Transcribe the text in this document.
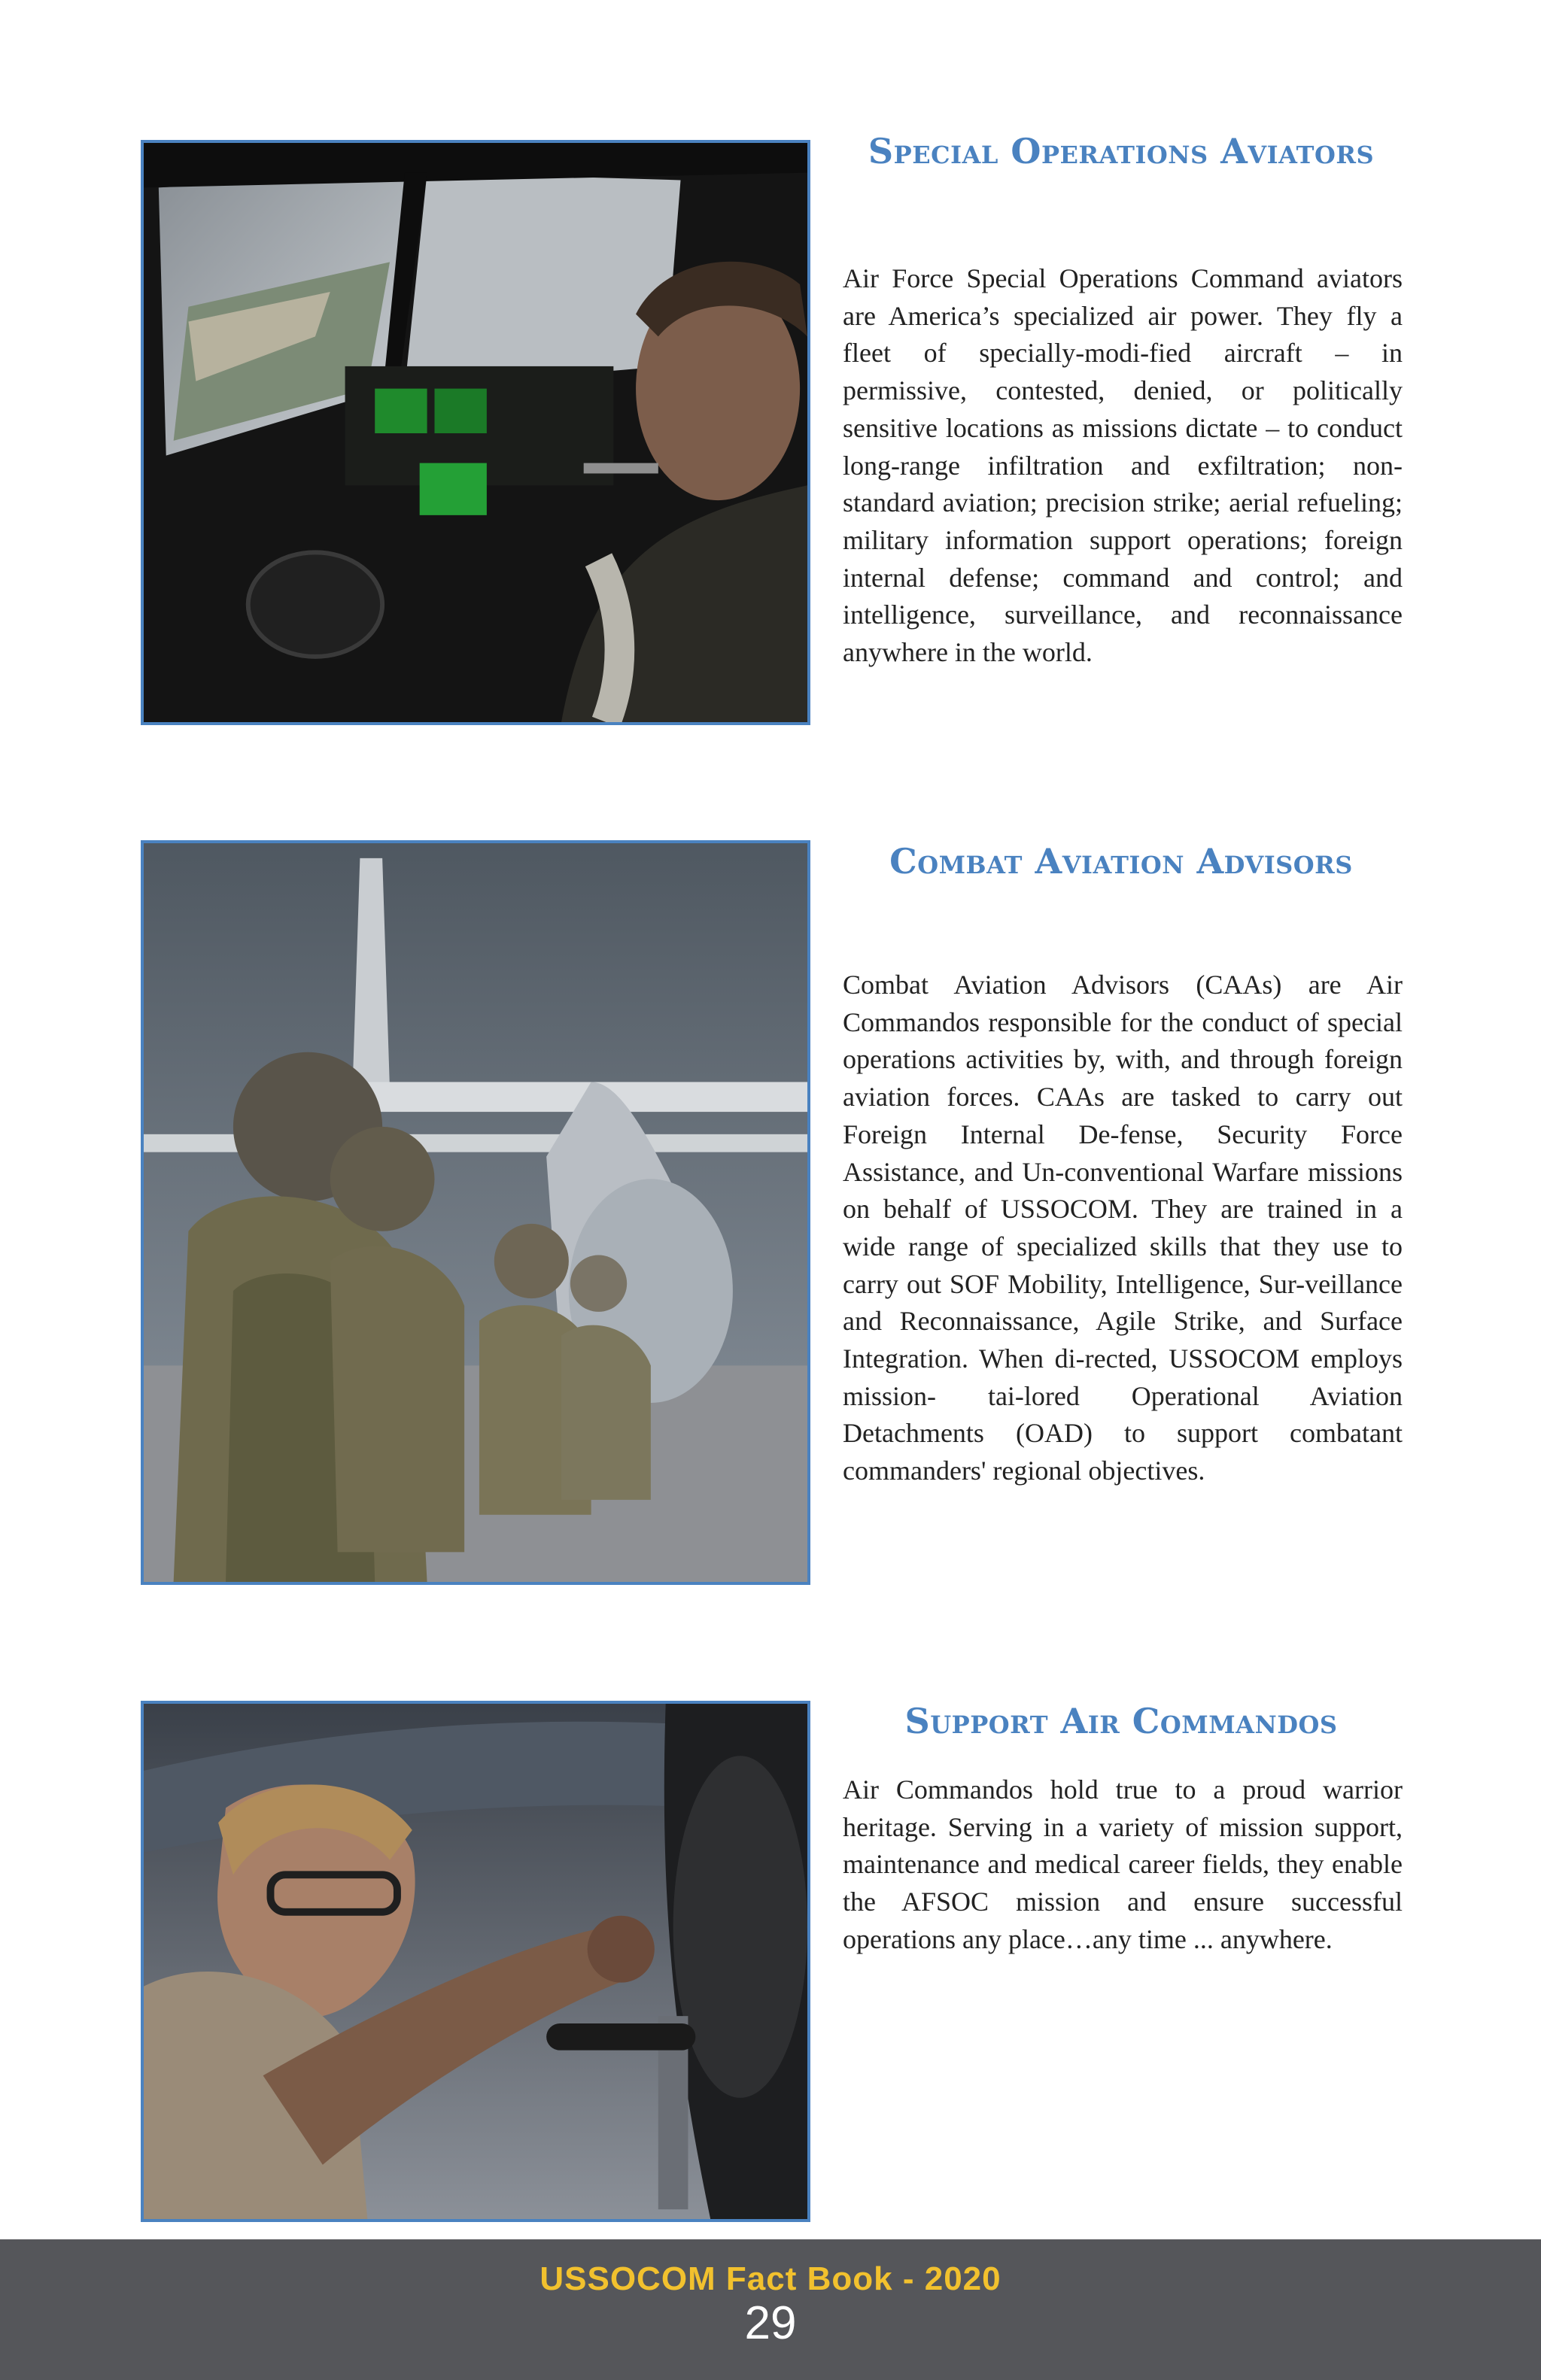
Special Operations Aviators

Air Force Special Operations Command aviators are America’s specialized air power. They fly a fleet of specially-modi-fied aircraft – in permissive, contested, denied, or politically sensitive locations as missions dictate – to conduct long-range infiltration and exfiltration; non-standard aviation; precision strike; aerial refueling; military information support operations; foreign internal defense; command and control; and intelligence, surveillance, and reconnaissance anywhere in the world.

Combat Aviation Advisors

Combat Aviation Advisors (CAAs) are Air Commandos responsible for the conduct of special operations activities by, with, and through foreign aviation forces. CAAs are tasked to carry out Foreign Internal De-fense, Security Force Assistance, and Un-conventional Warfare missions on behalf of USSOCOM. They are trained in a wide range of specialized skills that they use to carry out SOF Mobility, Intelligence, Sur-veillance and Reconnaissance, Agile Strike, and Surface Integration. When di-rected, USSOCOM employs mission- tai-lored Operational Aviation Detachments (OAD) to support combatant commanders' regional objectives.

Support Air Commandos

Air Commandos hold true to a proud warrior heritage. Serving in a variety of mission support, maintenance and medical career fields, they enable the AFSOC mission and ensure successful operations any place…any time ... anywhere.

USSOCOM Fact Book - 2020
29
